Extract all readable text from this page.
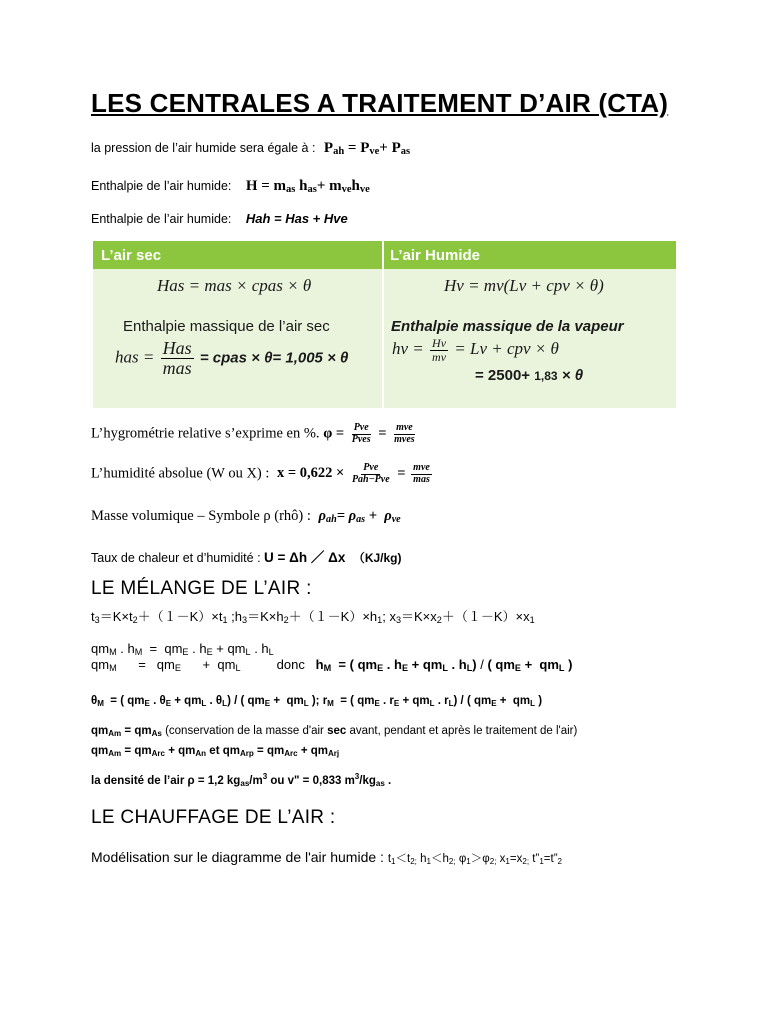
LES CENTRALES A TRAITEMENT D’AIR (CTA)
la pression de l’air humide sera égale à : $P_{ah} = P_{ve}+ P_{as}$
Enthalpie de l’air humide: $H = m_{as}$ $h_{as}+ m_{ve}h_{ve}$
Enthalpie de l’air humide: Hah = Has + Hve
L’air sec	L’air Humide
Has = mas × cpas × θ
Enthalpie massique de l’air sec
has = $\frac{\text{Has}}{\text{mas}}$ = cpas × θ= 1,005 × θ
Hv = mv(Lv + cpv × θ)
Enthalpie massique de la vapeur
hv = $\frac{Hv}{mv} = Lv$ + cpv × θ
= 2500+ 1,83 × θ
L’hygrométrie relative s’exprime en %. $\varphi = \frac{\text{Pve}}{\text{Pves}} = \frac{\text{mve}}{\text{mves}}$
L’humidité absolue (W ou X) : $x = 0,622 \times \frac{\text{Pve}}{\text{Pah−Pve}} = \frac{\text{mve}}{\text{mas}}$
Masse volumique – Symbole ρ (rhô) : $\rho_{ah}= \rho_{as} + \rho_{ve}$
Taux de chaleur et d’humidité : U = Δh ／ Δx （KJ/kg)
LE MÉLANGE DE L’AIR :
$t_3=K\times t_2+(1-K)\times t_1$ $;h_3=K\times h_2+(1-K)\times h_1$; $x_3=K\times x_2+(1-K)\times x_1$
$qm_M$ . $h_M = qm_E$ . $h_E + qm_L$ . $h_L$
$qm_M$      =   $qm_E$      +  $qm_L$	donc $h_M$  = ( $qm_E$ . $h_E + qm_L$ . $h_L$) / ( $qm_E + qm_L$ )
$\theta_M$  = ( $qm_E$ . $\theta_E + qm_L$ . $\theta_L$) / ( $qm_E + qm_L$ ); $r_M$  = ( $qm_E$ . $r_E + qm_L$ . $r_L$) / ( $qm_E + qm_L$ )
$qm_{Am} = qm_{As}$ (conservation de la masse d'air sec avant, pendant et après le traitement de l'air)
$qm_{Am} = qm_{Arc} + qm_{An}$ et $qm_{Arp} = qm_{Arc} + qm_{Arj}$
la densité de l’air ρ = 1,2 $kg_{as}/m^3$ ou v" = 0,833 $m^3/kg_{as}$ .
LE CHAUFFAGE DE L’AIR :
Modélisation sur le diagramme de l'air humide : $t_1<t_{2;}$ $h_1<h_{2;}$ $\varphi_1>\varphi_{2;}$ $x_1=x_{2;}$ $t”_1=t”_2$
